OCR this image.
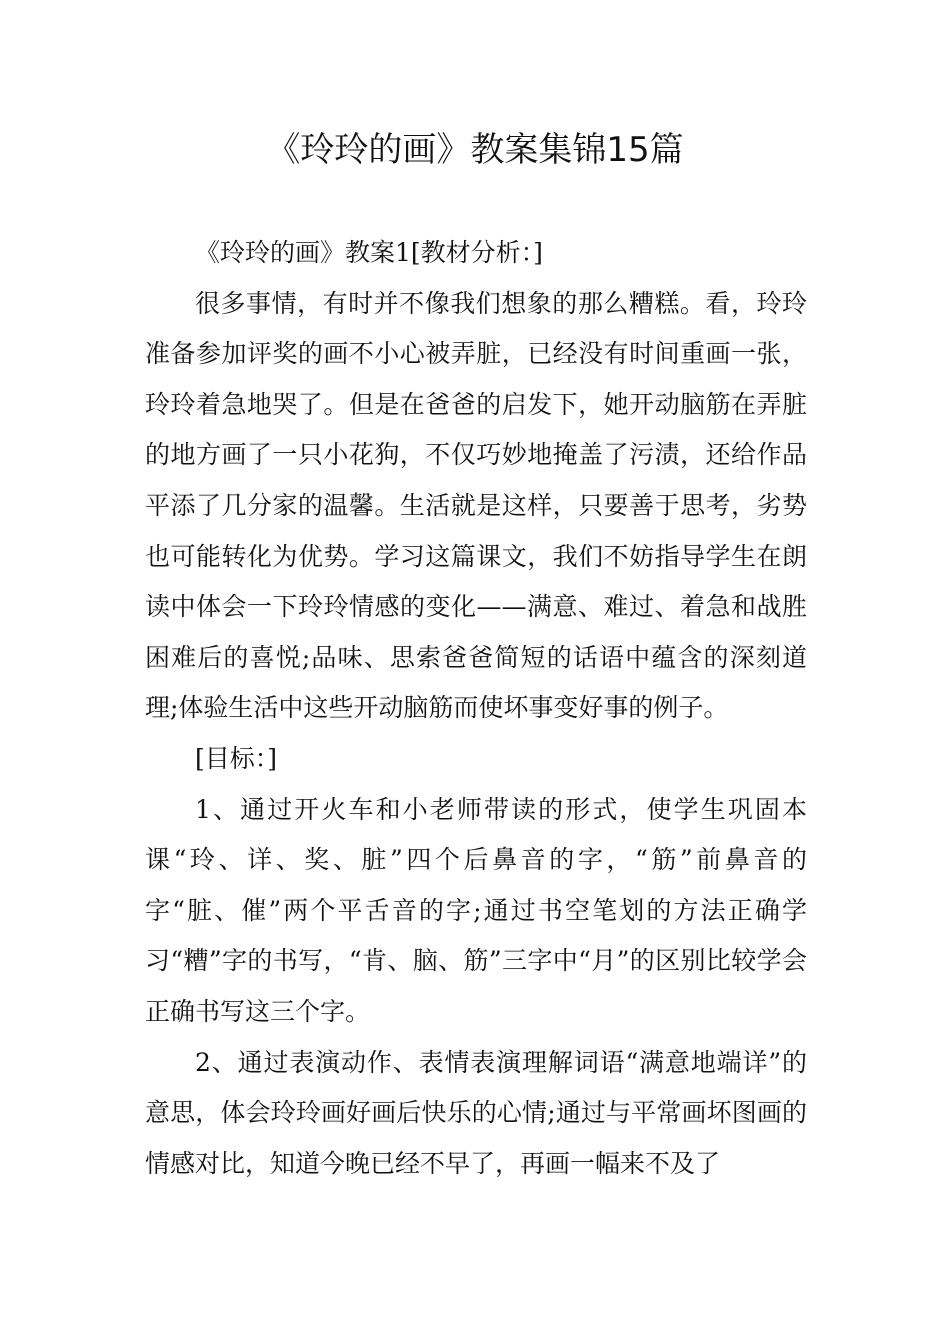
《玲玲的画》教案集锦15篇

《玲玲的画》教案1[教材分析：]

很多事情，有时并不像我们想象的那么糟糕。看，玲玲准备参加评奖的画不小心被弄脏，已经没有时间重画一张，玲玲着急地哭了。但是在爸爸的启发下，她开动脑筋在弄脏的地方画了一只小花狗，不仅巧妙地掩盖了污渍，还给作品平添了几分家的温馨。生活就是这样，只要善于思考，劣势也可能转化为优势。学习这篇课文，我们不妨指导学生在朗读中体会一下玲玲情感的变化——满意、难过、着急和战胜困难后的喜悦;品味、思索爸爸简短的话语中蕴含的深刻道理;体验生活中这些开动脑筋而使坏事变好事的例子。

[目标：]

1、通过开火车和小老师带读的形式，使学生巩固本课“玲、详、奖、脏”四个后鼻音的字，“筋”前鼻音的字“脏、催”两个平舌音的字;通过书空笔划的方法正确学习“糟”字的书写，“肯、脑、筋”三字中“月”的区别比较学会正确书写这三个字。

2、通过表演动作、表情表演理解词语“满意地端详”的意思，体会玲玲画好画后快乐的心情;通过与平常画坏图画的情感对比，知道今晚已经不早了，再画一幅来不及了
